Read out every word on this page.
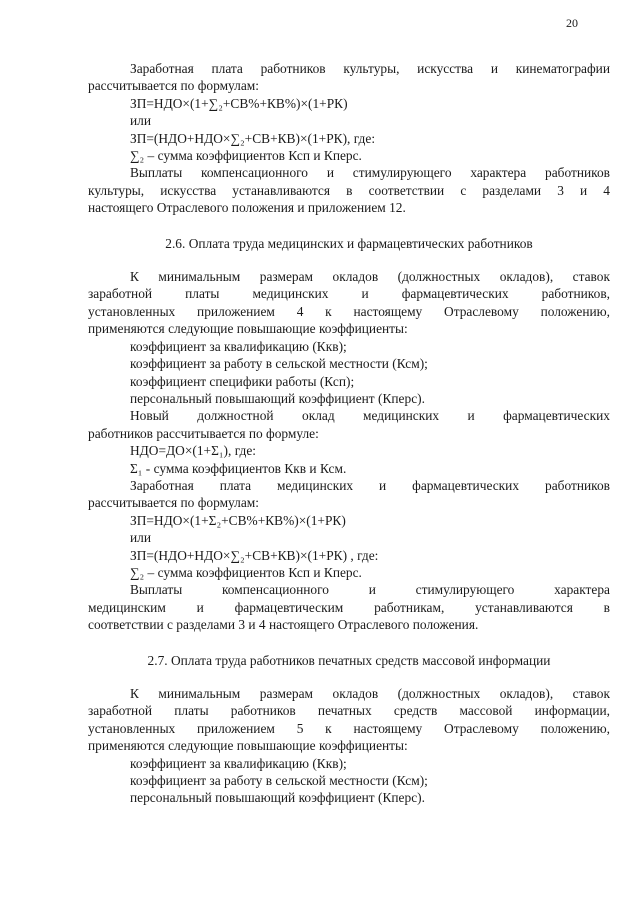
20

Заработная плата работников культуры, искусства и кинематографии

рассчитывается по формулам:

ЗП=НДО×(1+∑₂+СВ%+КВ%)×(1+РК)

или

ЗП=(НДО+НДО×∑₂+СВ+КВ)×(1+РК), где:

∑₂ – сумма коэффициентов Ксп и Кперс.

Выплаты компенсационного и стимулирующего характера работников

культуры, искусства устанавливаются в соответствии с разделами 3 и 4

настоящего Отраслевого положения и приложением 12.

2.6. Оплата труда медицинских и фармацевтических работников

К минимальным размерам окладов (должностных окладов), ставок

заработной платы медицинских и фармацевтических работников,

установленных приложением 4 к настоящему Отраслевому положению,

применяются следующие повышающие коэффициенты:

коэффициент за квалификацию (Ккв);

коэффициент за работу в сельской местности (Ксм);

коэффициент специфики работы (Ксп);

персональный повышающий коэффициент (Кперс).

Новый должностной оклад медицинских и фармацевтических

работников рассчитывается по формуле:

НДО=ДО×(1+Σ₁), где:

Σ₁ - сумма коэффициентов Ккв и Ксм.

Заработная плата медицинских и фармацевтических работников

рассчитывается по формулам:

ЗП=НДО×(1+Σ₂+СВ%+КВ%)×(1+РК)

или

ЗП=(НДО+НДО×∑₂+СВ+КВ)×(1+РК) , где:

∑₂ – сумма коэффициентов Ксп и Кперс.

Выплаты компенсационного и стимулирующего характера

медицинским и фармацевтическим работникам, устанавливаются в

соответствии с разделами 3 и 4 настоящего Отраслевого положения.

2.7. Оплата труда работников печатных средств массовой информации

К минимальным размерам окладов (должностных окладов), ставок

заработной платы работников печатных средств массовой информации,

установленных приложением 5 к настоящему Отраслевому положению,

применяются следующие повышающие коэффициенты:

коэффициент за квалификацию (Ккв);

коэффициент за работу в сельской местности (Ксм);

персональный повышающий коэффициент (Кперс).
